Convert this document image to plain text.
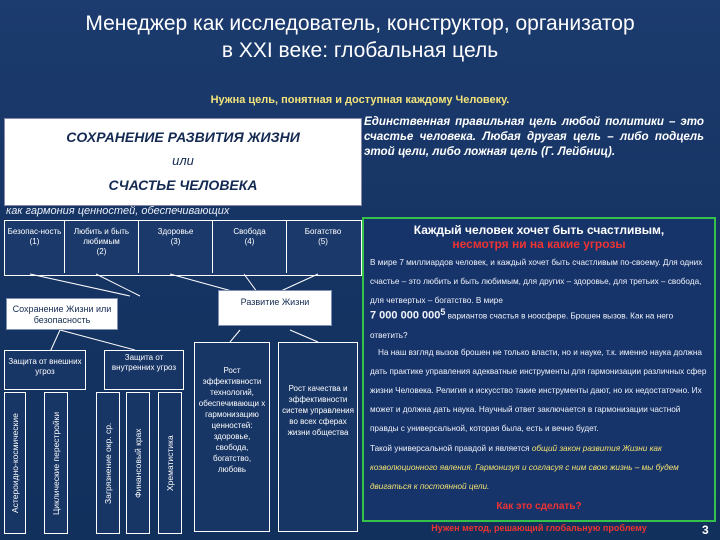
Менеджер как исследователь, конструктор, организатор
в XXI веке: глобальная цель
Нужна цель, понятная и доступная каждому Человеку.
СОХРАНЕНИЕ РАЗВИТИЯ ЖИЗНИ
или
СЧАСТЬЕ ЧЕЛОВЕКА
как гармония ценностей, обеспечивающих
Единственная правильная цель любой политики – это счастье человека. Любая другая цель – либо подцель этой цели, либо ложная цель (Г. Лейбниц).
Безопас-ность
(1)
Любить и быть любимым
(2)
Здоровье
(3)
Свобода
(4)
Богатство
(5)
Сохранение Жизни или безопасность
Развитие Жизни
Защита от внешних угроз
Защита от внутренних угроз
Астероидно-космические	Циклические перестройки	Загрязнение окр. ср. Финансовый крах	Хрематистика
Рост эффективности технологий, обеспечивающи х гармонизацию ценностей: здоровье, свобода, богатство, любовь
Рост качества и эффективности систем управления во всех сферах жизни общества
Каждый человек хочет быть счастливым,
несмотря ни на какие угрозы
В мире 7 миллиардов человек, и каждый хочет быть счастливым по-своему. Для одних счастье – это любить и быть любимым, для других – здоровье, для третьих – свобода, для четвертых – богатство. В мире
7 000 000 $000^5$ вариантов счастья в ноосфере. Брошен вызов. Как на него ответить?
На наш взгляд вызов брошен не только власти, но и науке, т.к. именно наука должна дать практике управления адекватные инструменты для гармонизации различных сфер жизни Человека. Религия и искусство такие инструменты дают, но их недостаточно. Их может и должна дать наука. Научный ответ заключается в гармонизации частной правды с универсальной, которая была, есть и вечно будет.
Такой универсальной правдой и является общий закон развития Жизни как коэволюционного явления. Гармонизуя и согласуя с ним свою жизнь – мы будем двигаться к постоянной цели.
Как это сделать?
Нужен метод, решающий глобальную проблему	3
